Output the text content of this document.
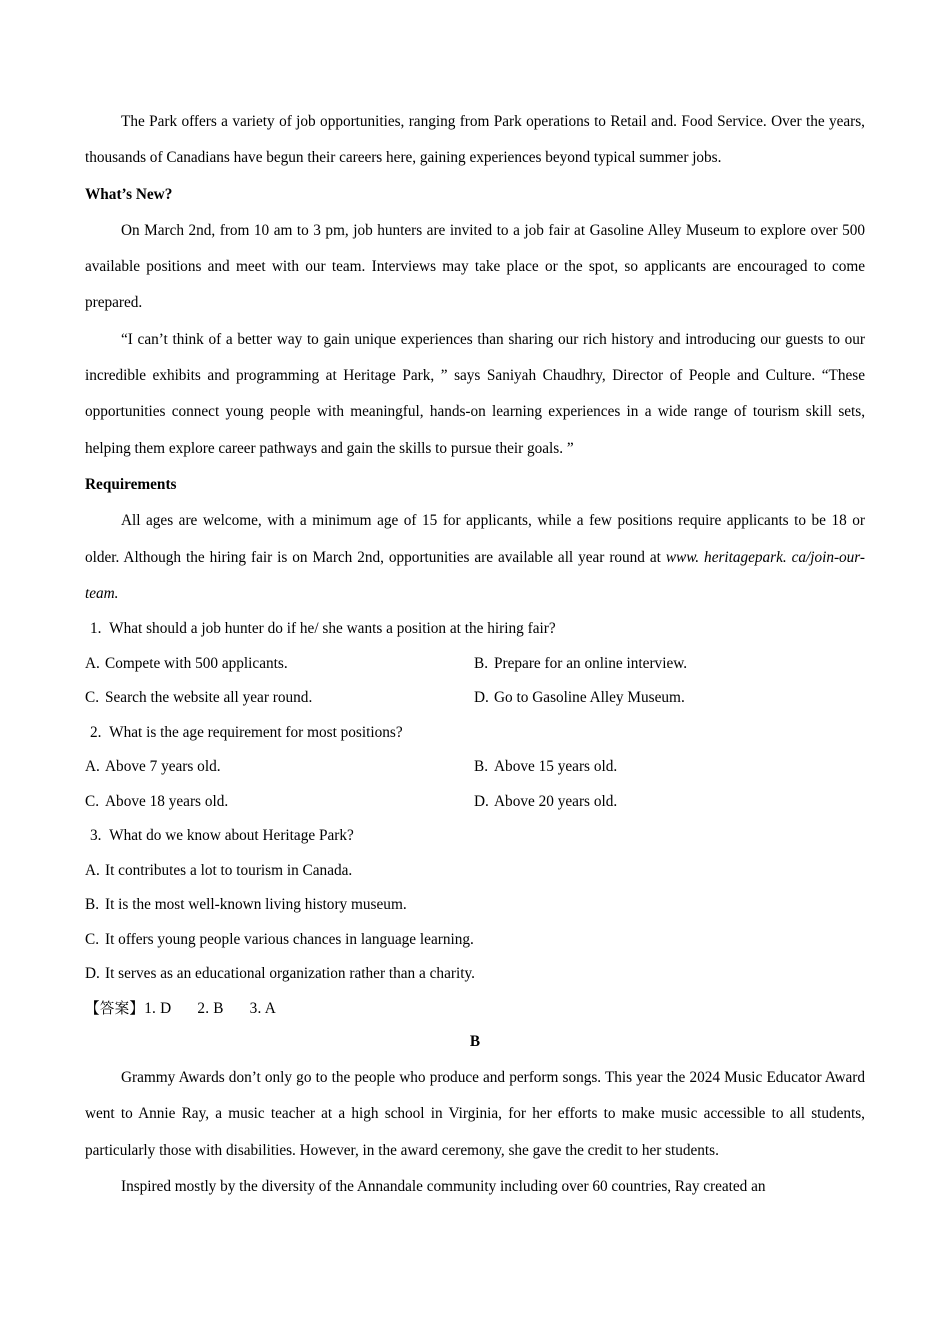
The Park offers a variety of job opportunities, ranging from Park operations to Retail and. Food Service. Over the years, thousands of Canadians have begun their careers here, gaining experiences beyond typical summer jobs.

What’s New?

On March 2nd, from 10 am to 3 pm, job hunters are invited to a job fair at Gasoline Alley Museum to explore over 500 available positions and meet with our team. Interviews may take place or the spot, so applicants are encouraged to come prepared.

“I can’t think of a better way to gain unique experiences than sharing our rich history and introducing our guests to our incredible exhibits and programming at Heritage Park, ” says Saniyah Chaudhry, Director of People and Culture. “These opportunities connect young people with meaningful, hands-on learning experiences in a wide range of tourism skill sets, helping them explore career pathways and gain the skills to pursue their goals. ”

Requirements

All ages are welcome, with a minimum age of 15 for applicants, while a few positions require applicants to be 18 or older. Although the hiring fair is on March 2nd, opportunities are available all year round at www. heritagepark. ca/join-our-team.

1. What should a job hunter do if he/ she wants a position at the hiring fair?

A. Compete with 500 applicants.	B. Prepare for an online interview.
C. Search the website all year round.	D. Go to Gasoline Alley Museum.

2. What is the age requirement for most positions?

A. Above 7 years old.	B. Above 15 years old.
C. Above 18 years old.	D. Above 20 years old.

3. What do we know about Heritage Park?

A. It contributes a lot to tourism in Canada.
B. It is the most well-known living history museum.
C. It offers young people various chances in language learning.
D. It serves as an educational organization rather than a charity.

【答案】1. D 2. B 3. A

B

Grammy Awards don’t only go to the people who produce and perform songs. This year the 2024 Music Educator Award went to Annie Ray, a music teacher at a high school in Virginia, for her efforts to make music accessible to all students, particularly those with disabilities. However, in the award ceremony, she gave the credit to her students.

Inspired mostly by the diversity of the Annandale community including over 60 countries, Ray created an
